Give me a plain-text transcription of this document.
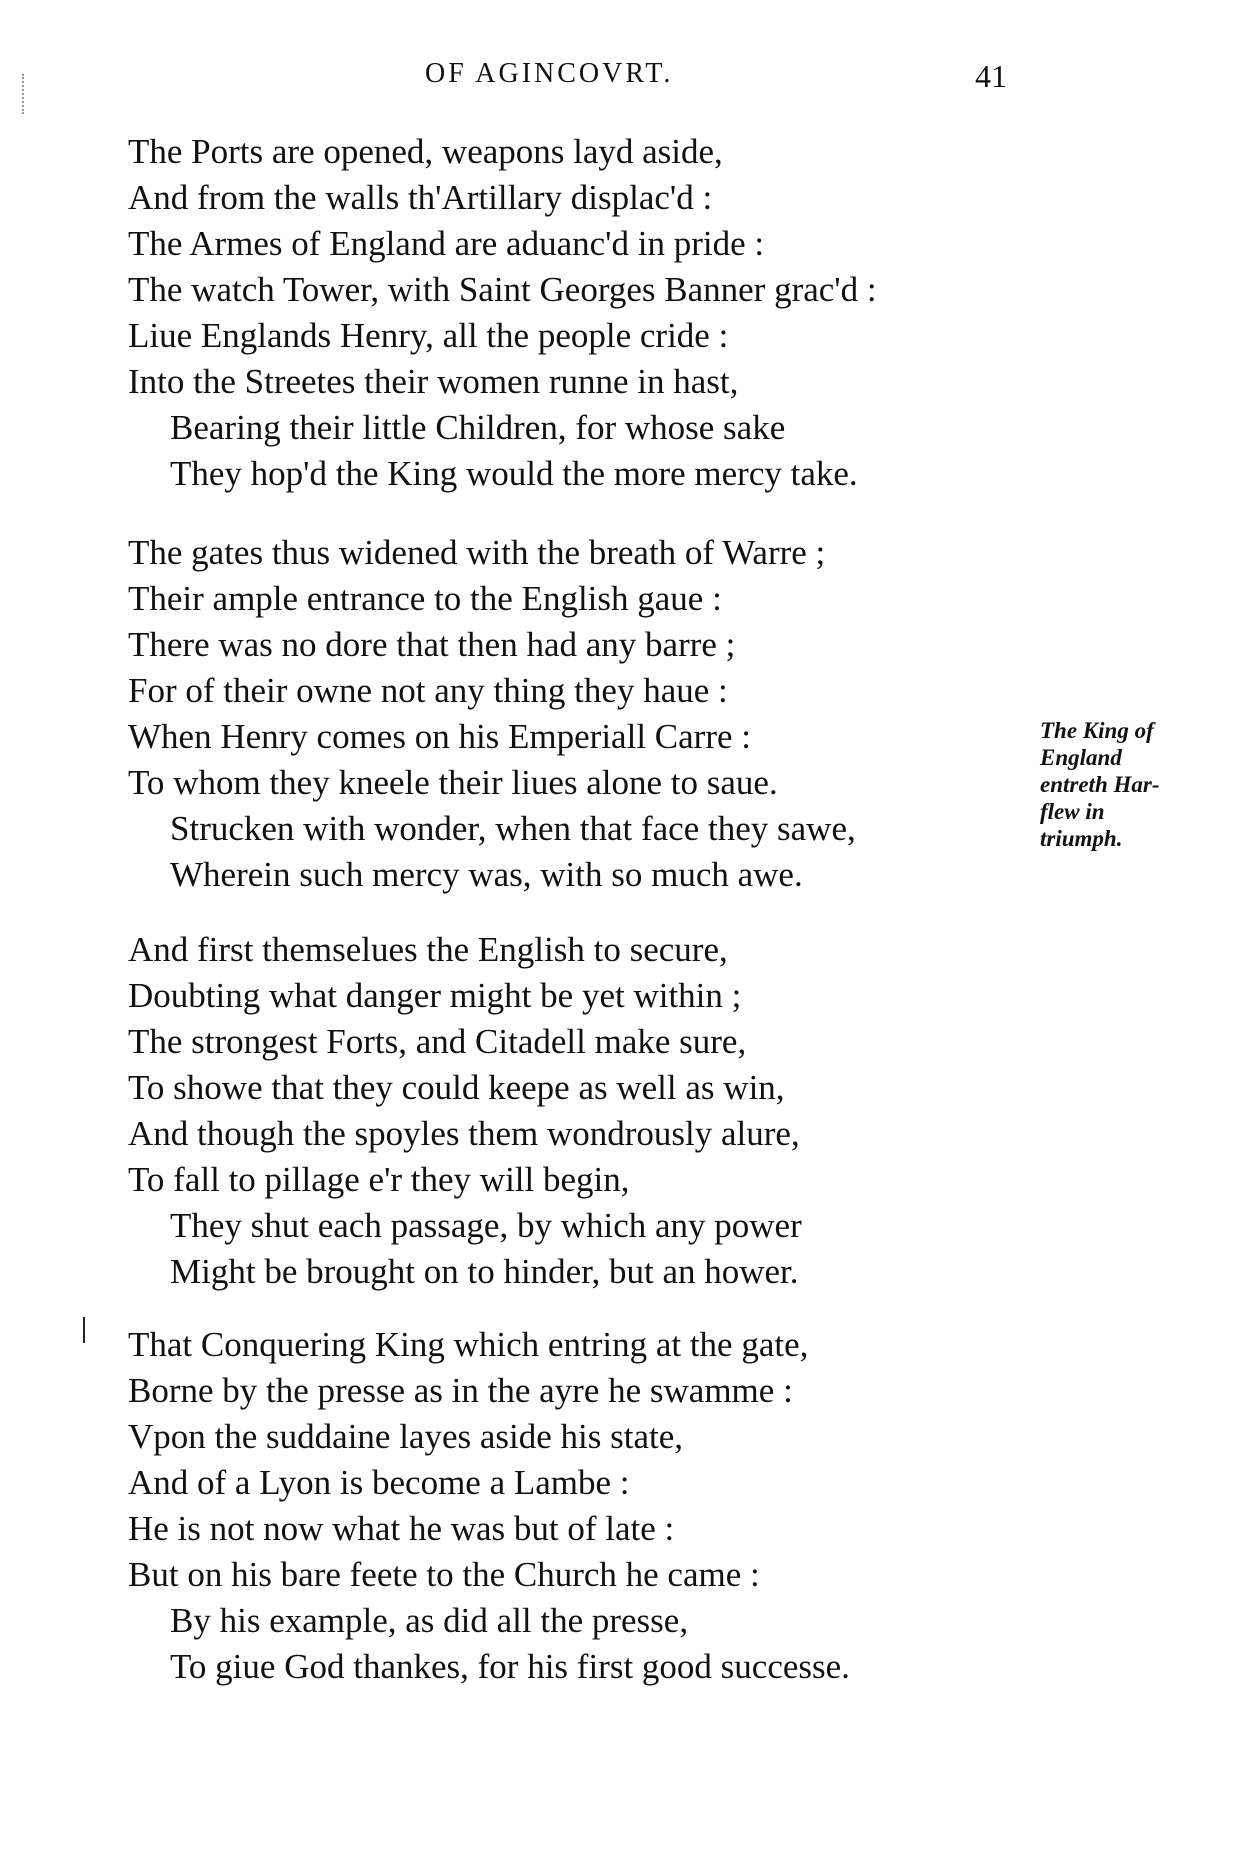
OF AGINCOVRT.	41
The Ports are opened, weapons layd aside,
And from the walls th'Artillary displac'd :
The Armes of England are aduanc'd in pride :
The watch Tower, with Saint Georges Banner grac'd :
Liue Englands Henry, all the people cride :
Into the Streetes their women runne in hast,
Bearing their little Children, for whose sake
They hop'd the King would the more mercy take.
The gates thus widened with the breath of Warre ;
Their ample entrance to the English gaue :
There was no dore that then had any barre ;
For of their owne not any thing they haue :
When Henry comes on his Emperiall Carre :
To whom they kneele their liues alone to saue.
Strucken with wonder, when that face they sawe,
Wherein such mercy was, with so much awe.
And first themselues the English to secure,
Doubting what danger might be yet within ;
The strongest Forts, and Citadell make sure,
To showe that they could keepe as well as win,
And though the spoyles them wondrously alure,
To fall to pillage e'r they will begin,
They shut each passage, by which any power
Might be brought on to hinder, but an hower.
That Conquering King which entring at the gate,
Borne by the presse as in the ayre he swamme :
Vpon the suddaine layes aside his state,
And of a Lyon is become a Lambe :
He is not now what he was but of late :
But on his bare feete to the Church he came :
By his example, as did all the presse,
To giue God thankes, for his first good successe.
The King of
England
entreth Har-
flew in
triumph.
